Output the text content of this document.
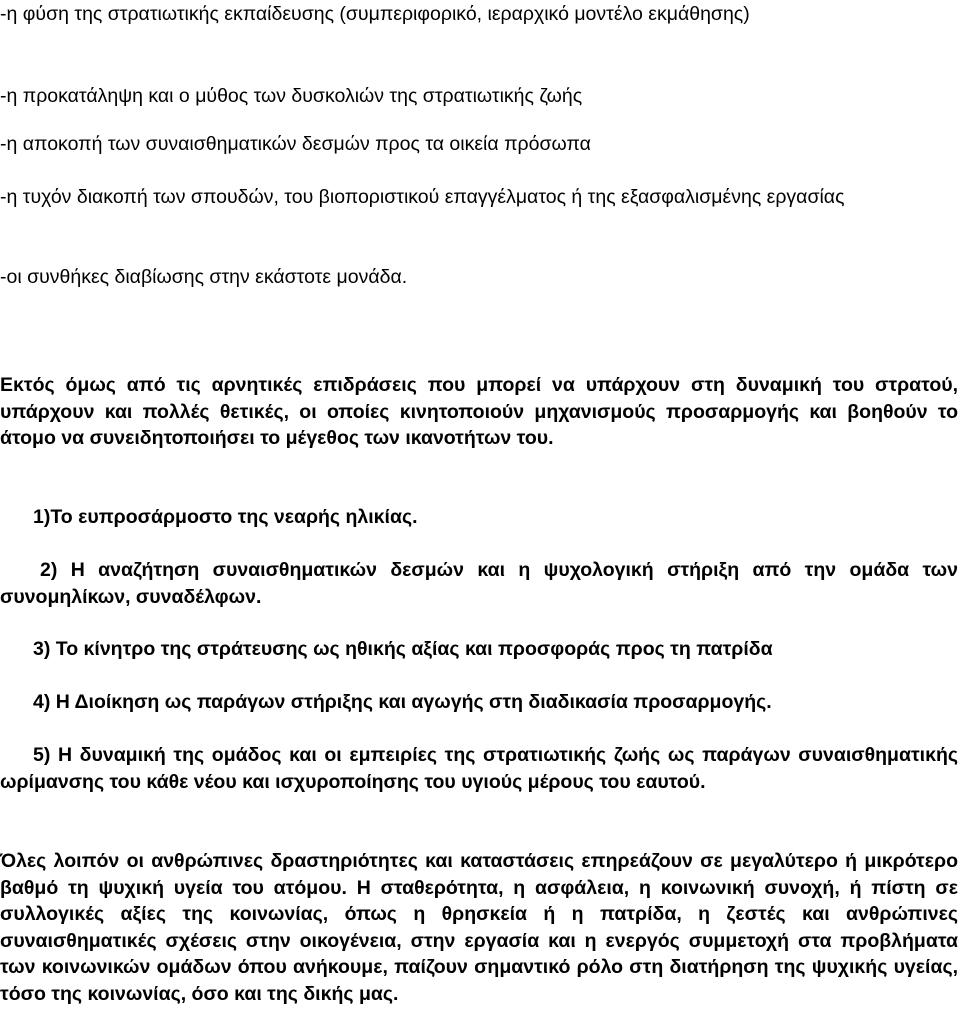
-η φύση της στρατιωτικής εκπαίδευσης (συμπεριφορικό, ιεραρχικό μοντέλο εκμάθησης)

-η προκατάληψη και ο μύθος των δυσκολιών της στρατιωτικής ζωής

-η αποκοπή των συναισθηματικών δεσμών προς τα οικεία πρόσωπα

-η τυχόν διακοπή των σπουδών, του βιοποριστικού επαγγέλματος ή της εξασφαλισμένης εργασίας

-οι συνθήκες διαβίωσης στην εκάστοτε μονάδα.

Εκτός όμως από τις αρνητικές επιδράσεις που μπορεί να υπάρχουν στη δυναμική του στρατού, υπάρχουν και πολλές θετικές, οι οποίες κινητοποιούν μηχανισμούς προσαρμογής και βοηθούν το άτομο να συνειδητοποιήσει το μέγεθος των ικανοτήτων του.

1)Το ευπροσάρμοστο της νεαρής ηλικίας.

2) Η αναζήτηση συναισθηματικών δεσμών και η ψυχολογική στήριξη από την ομάδα των συνομηλίκων, συναδέλφων.

3) Το κίνητρο της στράτευσης ως ηθικής αξίας και προσφοράς προς τη πατρίδα

4) Η Διοίκηση ως παράγων στήριξης και αγωγής στη διαδικασία προσαρμογής.

5) Η δυναμική της ομάδος και οι εμπειρίες της στρατιωτικής ζωής ως παράγων συναισθηματικής ωρίμανσης του κάθε νέου και ισχυροποίησης του υγιούς μέρους του εαυτού.

Όλες λοιπόν οι ανθρώπινες δραστηριότητες και καταστάσεις επηρεάζουν σε μεγαλύτερο ή μικρότερο βαθμό τη ψυχική υγεία του ατόμου. Η σταθερότητα, η ασφάλεια, η κοινωνική συνοχή, ή πίστη σε συλλογικές αξίες της κοινωνίας, όπως η θρησκεία ή η πατρίδα, η ζεστές και ανθρώπινες συναισθηματικές σχέσεις στην οικογένεια, στην εργασία και η ενεργός συμμετοχή στα προβλήματα των κοινωνικών ομάδων όπου ανήκουμε, παίζουν σημαντικό ρόλο στη διατήρηση της ψυχικής υγείας, τόσο της κοινωνίας, όσο και της δικής μας.
